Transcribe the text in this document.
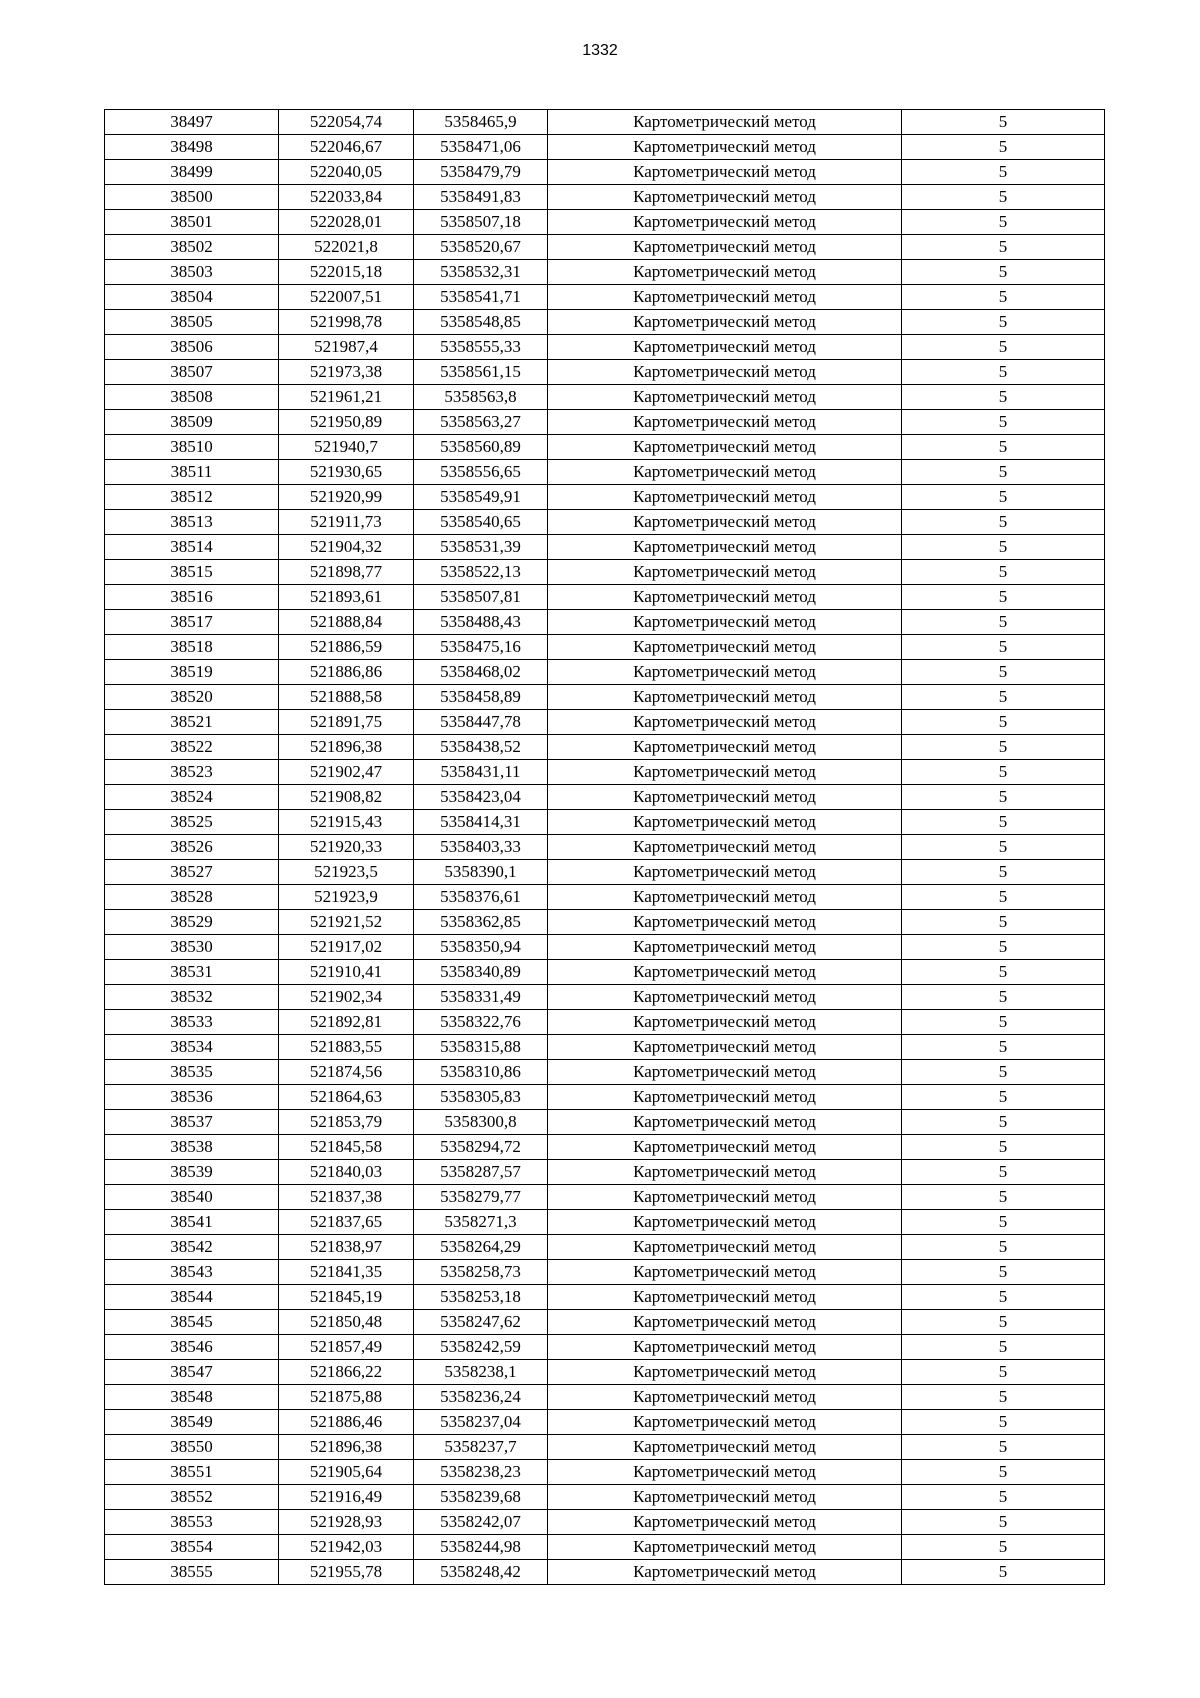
1332
38497	522054,74	5358465,9	Картометрический метод	5
38498	522046,67	5358471,06	Картометрический метод	5
38499	522040,05	5358479,79	Картометрический метод	5
38500	522033,84	5358491,83	Картометрический метод	5
38501	522028,01	5358507,18	Картометрический метод	5
38502	522021,8	5358520,67	Картометрический метод	5
38503	522015,18	5358532,31	Картометрический метод	5
38504	522007,51	5358541,71	Картометрический метод	5
38505	521998,78	5358548,85	Картометрический метод	5
38506	521987,4	5358555,33	Картометрический метод	5
38507	521973,38	5358561,15	Картометрический метод	5
38508	521961,21	5358563,8	Картометрический метод	5
38509	521950,89	5358563,27	Картометрический метод	5
38510	521940,7	5358560,89	Картометрический метод	5
38511	521930,65	5358556,65	Картометрический метод	5
38512	521920,99	5358549,91	Картометрический метод	5
38513	521911,73	5358540,65	Картометрический метод	5
38514	521904,32	5358531,39	Картометрический метод	5
38515	521898,77	5358522,13	Картометрический метод	5
38516	521893,61	5358507,81	Картометрический метод	5
38517	521888,84	5358488,43	Картометрический метод	5
38518	521886,59	5358475,16	Картометрический метод	5
38519	521886,86	5358468,02	Картометрический метод	5
38520	521888,58	5358458,89	Картометрический метод	5
38521	521891,75	5358447,78	Картометрический метод	5
38522	521896,38	5358438,52	Картометрический метод	5
38523	521902,47	5358431,11	Картометрический метод	5
38524	521908,82	5358423,04	Картометрический метод	5
38525	521915,43	5358414,31	Картометрический метод	5
38526	521920,33	5358403,33	Картометрический метод	5
38527	521923,5	5358390,1	Картометрический метод	5
38528	521923,9	5358376,61	Картометрический метод	5
38529	521921,52	5358362,85	Картометрический метод	5
38530	521917,02	5358350,94	Картометрический метод	5
38531	521910,41	5358340,89	Картометрический метод	5
38532	521902,34	5358331,49	Картометрический метод	5
38533	521892,81	5358322,76	Картометрический метод	5
38534	521883,55	5358315,88	Картометрический метод	5
38535	521874,56	5358310,86	Картометрический метод	5
38536	521864,63	5358305,83	Картометрический метод	5
38537	521853,79	5358300,8	Картометрический метод	5
38538	521845,58	5358294,72	Картометрический метод	5
38539	521840,03	5358287,57	Картометрический метод	5
38540	521837,38	5358279,77	Картометрический метод	5
38541	521837,65	5358271,3	Картометрический метод	5
38542	521838,97	5358264,29	Картометрический метод	5
38543	521841,35	5358258,73	Картометрический метод	5
38544	521845,19	5358253,18	Картометрический метод	5
38545	521850,48	5358247,62	Картометрический метод	5
38546	521857,49	5358242,59	Картометрический метод	5
38547	521866,22	5358238,1	Картометрический метод	5
38548	521875,88	5358236,24	Картометрический метод	5
38549	521886,46	5358237,04	Картометрический метод	5
38550	521896,38	5358237,7	Картометрический метод	5
38551	521905,64	5358238,23	Картометрический метод	5
38552	521916,49	5358239,68	Картометрический метод	5
38553	521928,93	5358242,07	Картометрический метод	5
38554	521942,03	5358244,98	Картометрический метод	5
38555	521955,78	5358248,42	Картометрический метод	5
